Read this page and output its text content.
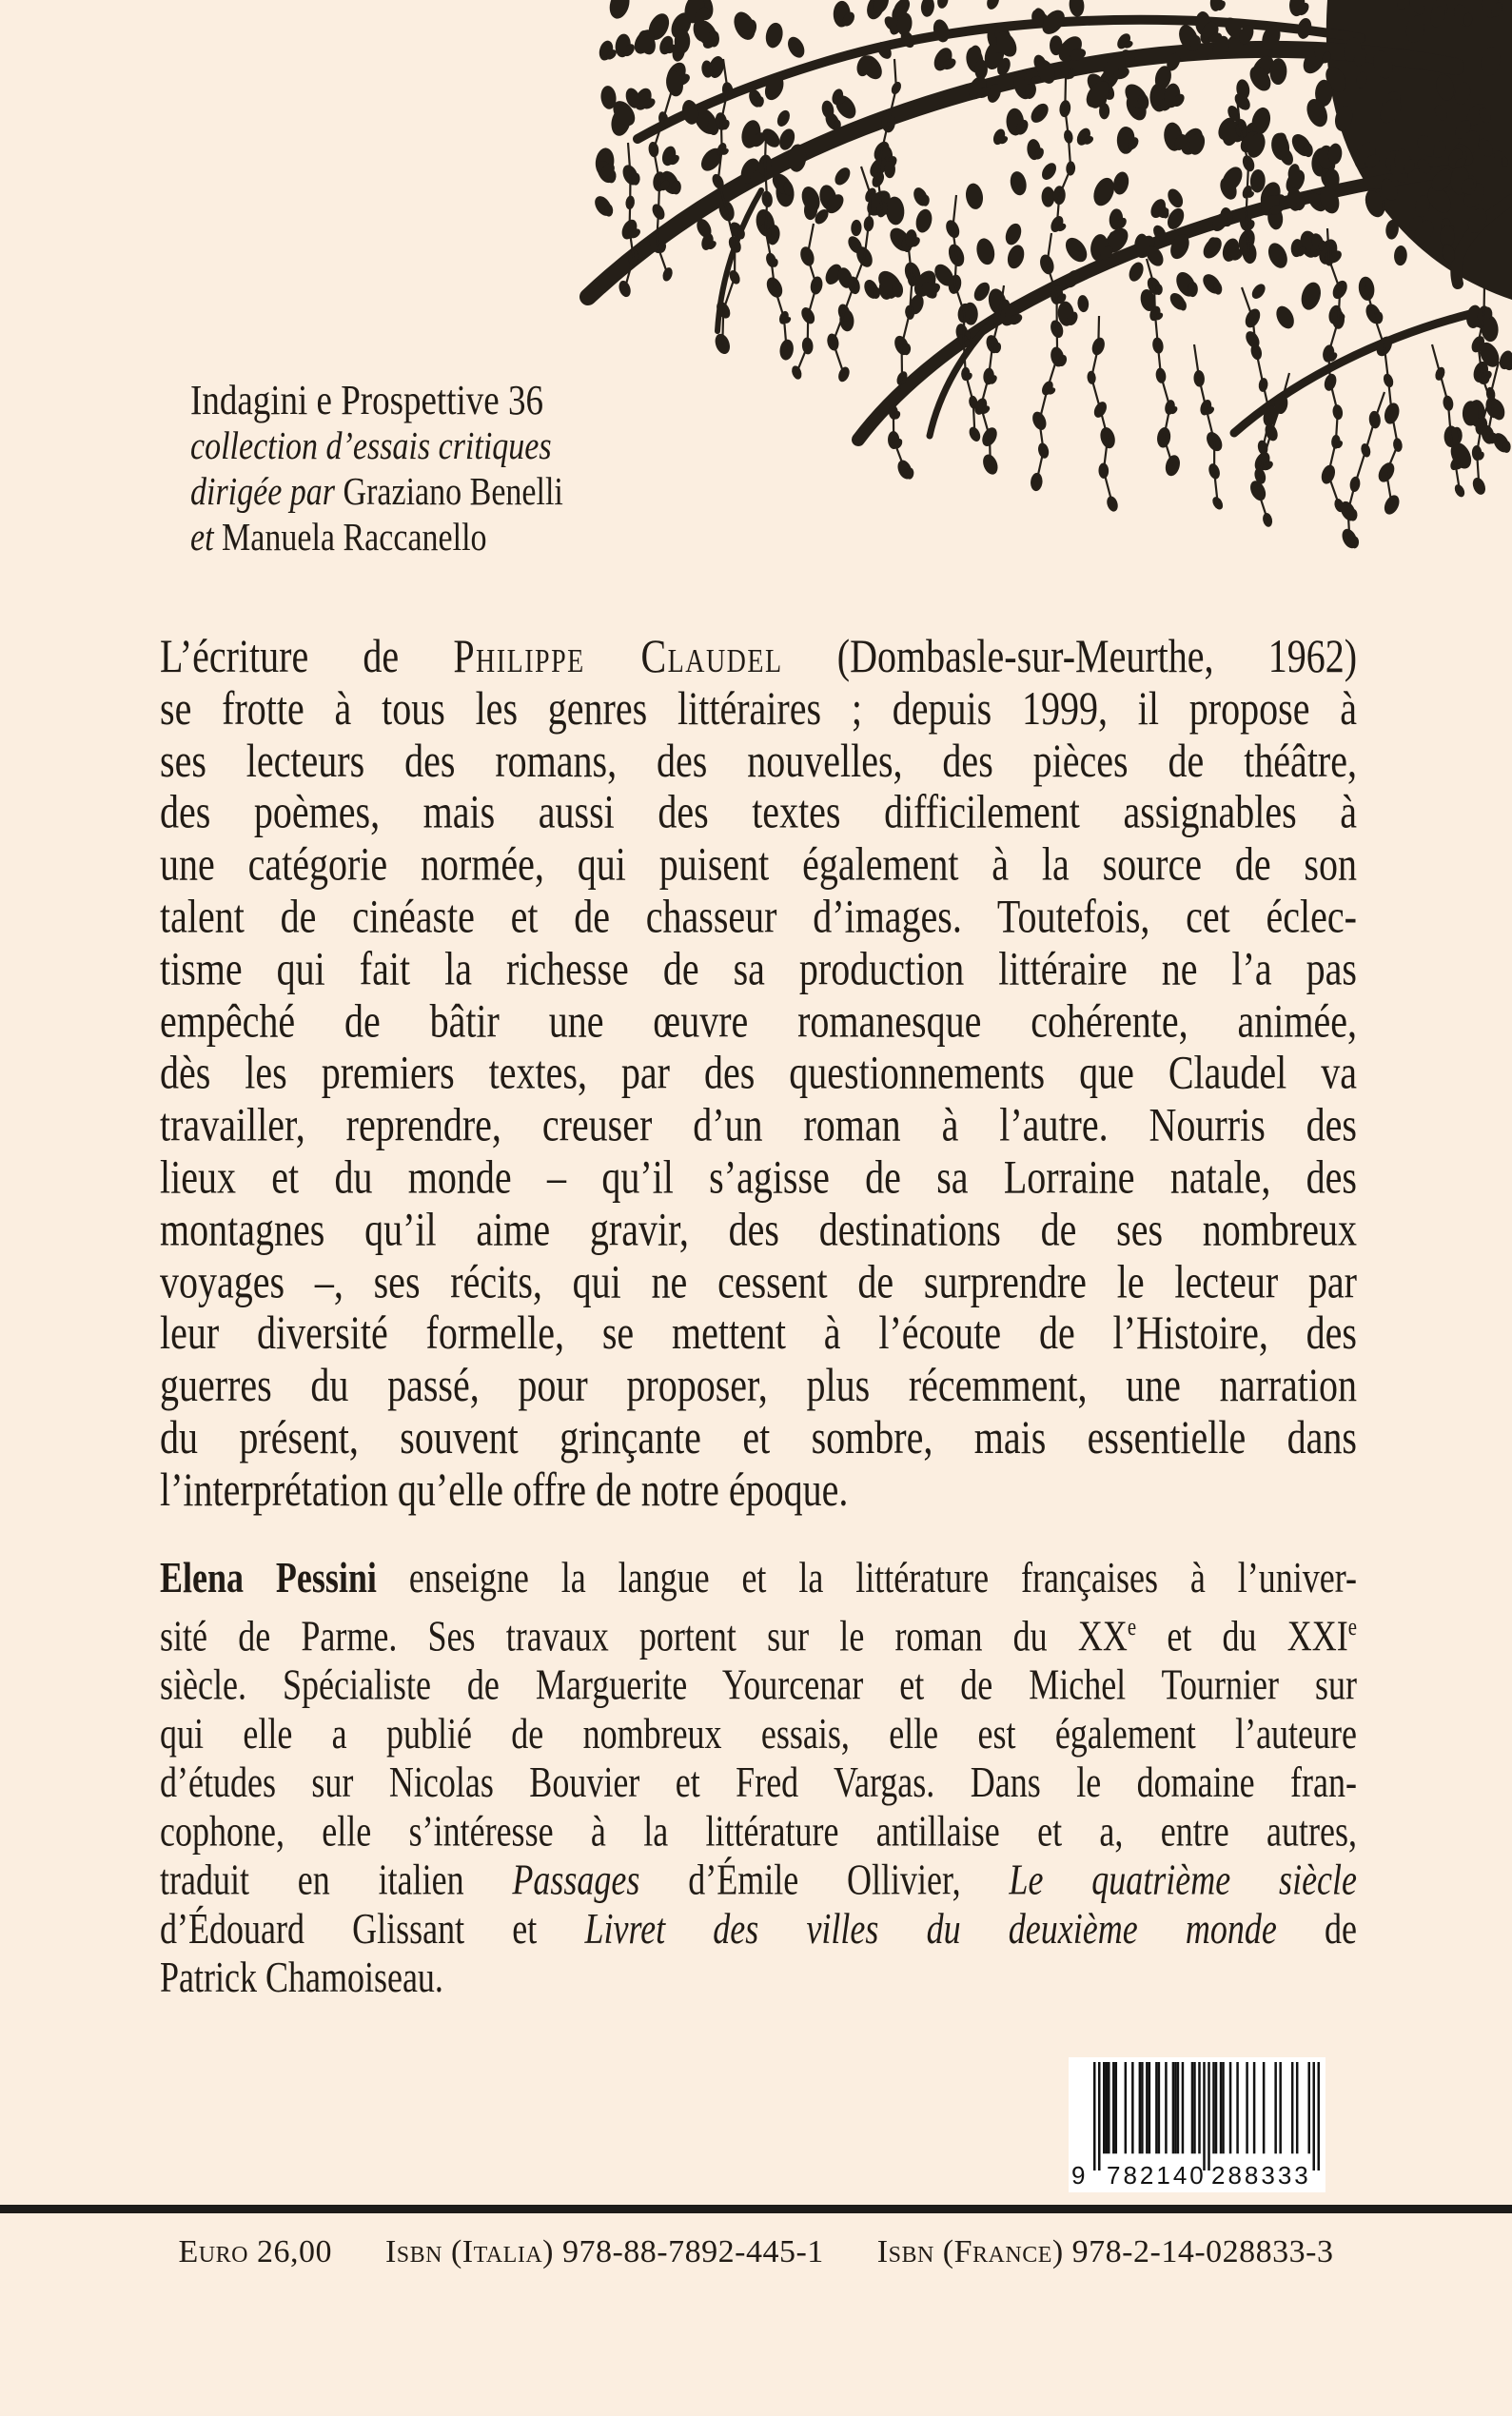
Indagini e Prospettive 36
collection d’essais critiques
dirigée par Graziano Benelli
et Manuela Raccanello
L’écriture de Philippe Claudel (Dombasle-sur-Meurthe, 1962)
se frotte à tous les genres littéraires ; depuis 1999, il propose à
ses lecteurs des romans, des nouvelles, des pièces de théâtre,
des poèmes, mais aussi des textes difficilement assignables à
une catégorie normée, qui puisent également à la source de son
talent de cinéaste et de chasseur d’images. Toutefois, cet éclec-
tisme qui fait la richesse de sa production littéraire ne l’a pas
empêché de bâtir une œuvre romanesque cohérente, animée,
dès les premiers textes, par des questionnements que Claudel va
travailler, reprendre, creuser d’un roman à l’autre. Nourris des
lieux et du monde – qu’il s’agisse de sa Lorraine natale, des
montagnes qu’il aime gravir, des destinations de ses nombreux
voyages –, ses récits, qui ne cessent de surprendre le lecteur par
leur diversité formelle, se mettent à l’écoute de l’Histoire, des
guerres du passé, pour proposer, plus récemment, une narration
du présent, souvent grinçante et sombre, mais essentielle dans
l’interprétation qu’elle offre de notre époque.
Elena Pessini enseigne la langue et la littérature françaises à l’univer-
sité de Parme. Ses travaux portent sur le roman du XXe et du XXIe
siècle. Spécialiste de Marguerite Yourcenar et de Michel Tournier sur
qui elle a publié de nombreux essais, elle est également l’auteure
d’études sur Nicolas Bouvier et Fred Vargas. Dans le domaine fran-
cophone, elle s’intéresse à la littérature antillaise et a, entre autres,
traduit en italien Passages d’Émile Ollivier, Le quatrième siècle
d’Édouard Glissant et Livret des villes du deuxième monde de
Patrick Chamoiseau.
9 782140 288333
Euro 26,00 Isbn (Italia) 978-88-7892-445-1 Isbn (France) 978-2-14-028833-3
